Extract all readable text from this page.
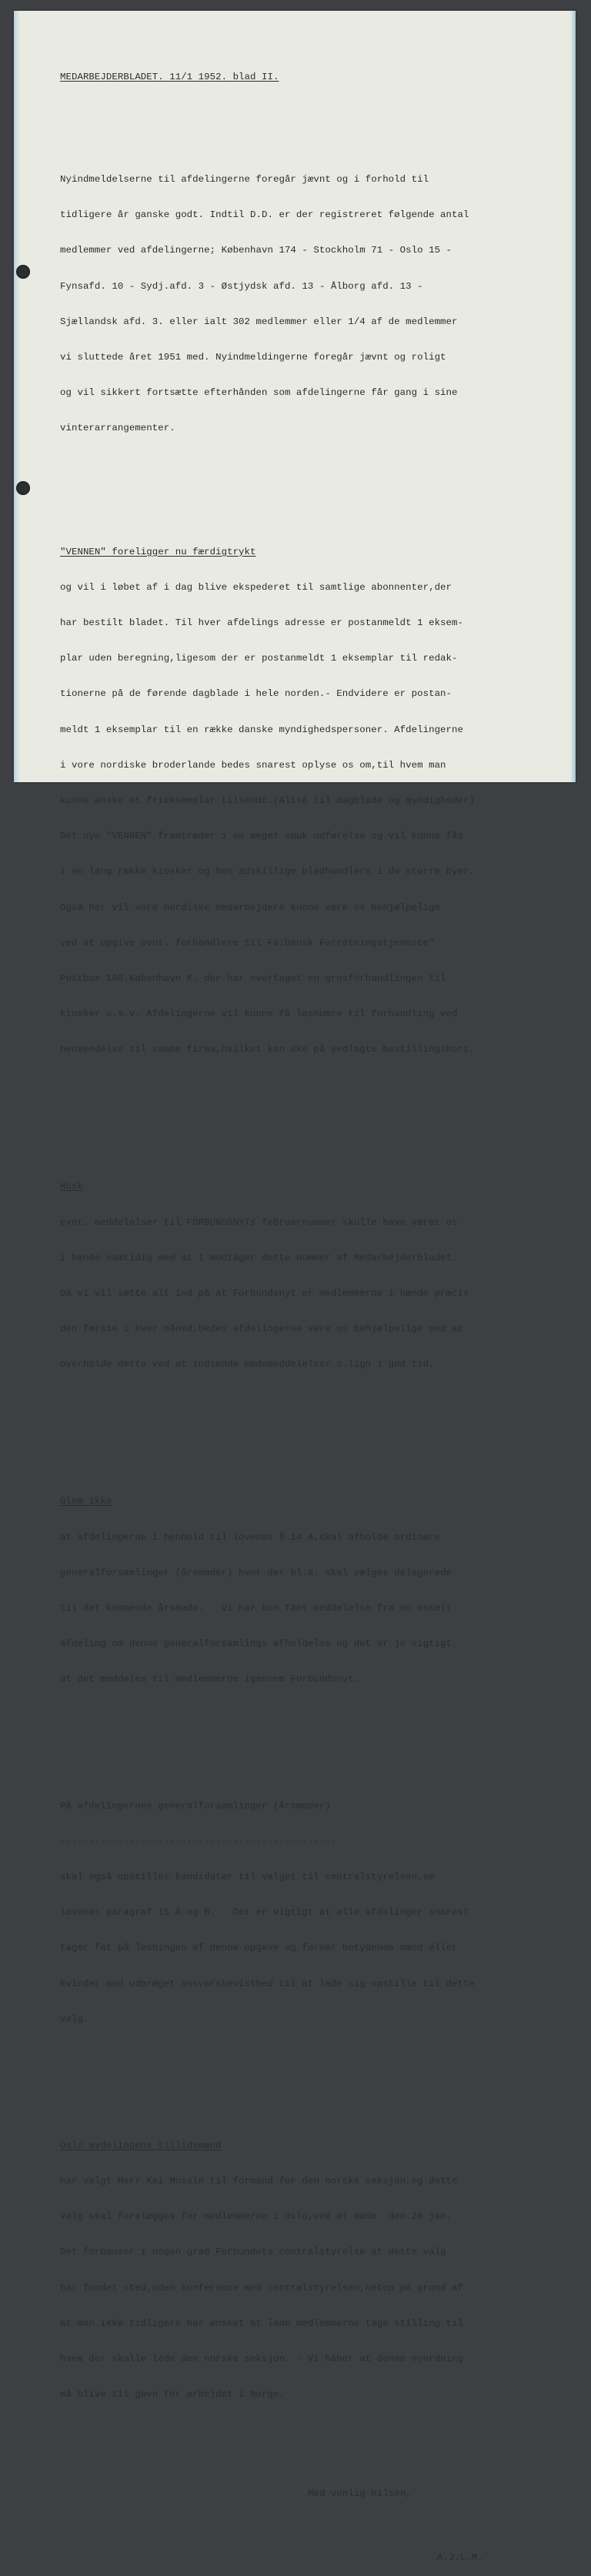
MEDARBEJDERBLADET. 11/1 1952. blad II.

Nyindmeldelserne til afdelingerne foregår jævnt og i forhold til

tidligere år ganske godt. Indtil D.D. er der registreret følgende antal

medlemmer ved afdelingerne; København 174 - Stockholm 71 - Oslo 15 -

Fynsafd. 10 - Sydj.afd. 3 - Østjydsk afd. 13 - Ålborg afd. 13 -

Sjællandsk afd. 3. eller ialt 302 medlemmer eller 1/4 af de medlemmer

vi sluttede året 1951 med. Nyindmeldingerne foregår jævnt og roligt

og vil sikkert fortsætte efterhånden som afdelingerne får gang i sine

vinterarrangementer.

"VENNEN" foreligger nu færdigtrykt

og vil i løbet af i dag blive ekspederet til samtlige abonnenter,der

har bestilt bladet. Til hver afdelings adresse er postanmeldt 1 eksem-

plar uden beregning,ligesom der er postanmeldt 1 eksemplar til redak-

tionerne på de førende dagblade i hele norden.- Endvidere er postan-

meldt 1 eksemplar til en række danske myndighedspersoner. Afdelingerne

i vore nordiske broderlande bedes snarest oplyse os om,til hvem man

kunne ønske et frieksemplar tilsendt.(Altså til dagblade og myndigheder)

Det nye "VENNEN" fremtræder i en meget smuk udførelse og vil kunne fås

i en lang række kiosker og hos adskillige bladhandlere i de større byer.

Også her vil vore nordiske medarbejdere kunne være os behjælpelige

ved at opgive evnt. forhandlere til Fa:Dansk Forretningstjeneste"

Postbox 108.København K. der har overtaget en grosforhandlingen til

kiosker o.s.v. Afdelingerne vil kunne få løsnumre til forhandling ved

henvendelse til samme firma,hvilket kan ske på vedlagte bestillingskort.

Husk

evnt. meddelelser til FORBUNDSNYTs februarnummer skulle have været os

i hænde samtidig med at I modtager dette nummer af Medarbejderbladet.

Da vi vil sætte alt ind på at Forbundsnyt er medlemmerne i hænde præcis

den første i hver måned,bedes afdelingerne være os behjælpelige med at

overholde dette ved at indsende mødemeddelelser o.lign i god tid.

Glem ikke

at afdelingerne i henhold til lovenes § 14 A,skal afholde ordinære

generalforsamlinger (årsmøder) hvor der bl.a. skal vælges delegerede

til det kommende årsmøde.   Vi har kun fået meddelelse fra en enkelt

afdeling om denne generalforsamlings afholdelse og det er jo vigtigt

at det meddeles til medlemmerne igennem Forbundsnyt.

På afdelingernes generalforsamlinger (Årsmøder)

------------------------------------------------

skal også opstilles kandidater til valget til centralstyrelsen,se

lovenes paragraf 15 A og B. - Det er vigtigt at alle afdelinger snarest

tager fat på løsningen af denne opgave og formår betydende mænd eller

kvinder med udpræget ansvarsbevisthed til at lade sig opstille til dette

valg.

Oslo avdelingens tillidsmænd

har valgt Herr Kai Mossin til formand for den norske seksjon,og dette

valg skal forelægges for medlemmerne i Oslo,ved et møde  den 26 jan.

Det forbauser i nogen grad Forbundets centralstyrelse at dette valg

har fundet sted,uden konference med centralstyrelsen,netop på grund af

at man ikke tidligere har ønsket at lade medlemmerne tage stilling til

hvem der skulle lede den norske seksjon. - Vi håber at denne nyordning

må blive til gavn for arbejdet i Norge.

Med venlig hilsen,

A.J.L.M.
